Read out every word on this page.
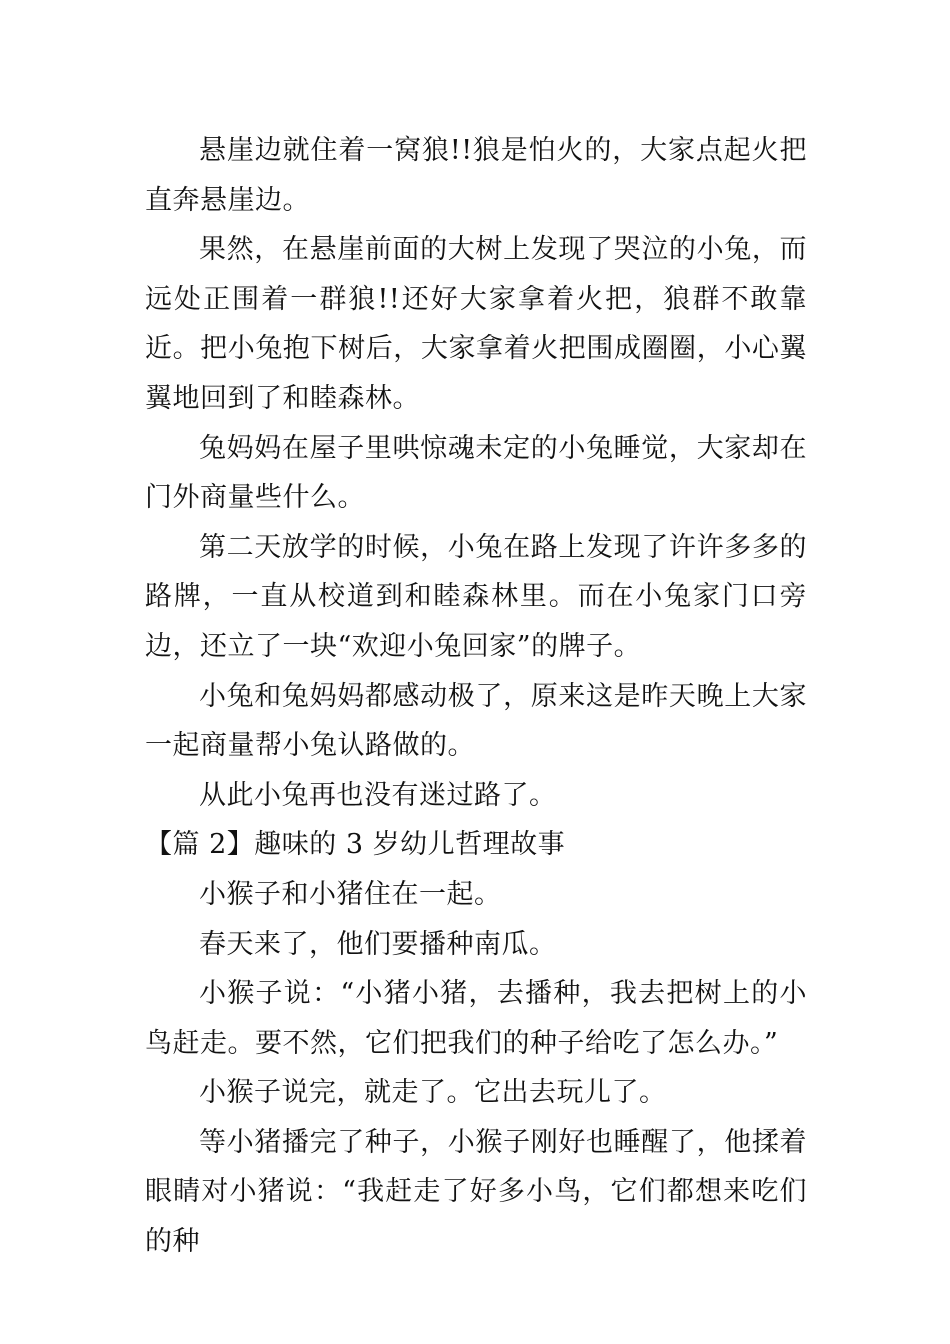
悬崖边就住着一窝狼!!狼是怕火的，大家点起火把直奔悬崖边。

果然，在悬崖前面的大树上发现了哭泣的小兔，而远处正围着一群狼!!还好大家拿着火把，狼群不敢靠近。把小兔抱下树后，大家拿着火把围成圈圈，小心翼翼地回到了和睦森林。

兔妈妈在屋子里哄惊魂未定的小兔睡觉，大家却在门外商量些什么。

第二天放学的时候，小兔在路上发现了许许多多的路牌，一直从校道到和睦森林里。而在小兔家门口旁边，还立了一块“欢迎小兔回家”的牌子。

小兔和兔妈妈都感动极了，原来这是昨天晚上大家一起商量帮小兔认路做的。

从此小兔再也没有迷过路了。

【篇 2】趣味的 3 岁幼儿哲理故事

小猴子和小猪住在一起。

春天来了，他们要播种南瓜。

小猴子说：“小猪小猪，去播种，我去把树上的小鸟赶走。要不然，它们把我们的种子给吃了怎么办。”

小猴子说完，就走了。它出去玩儿了。

等小猪播完了种子，小猴子刚好也睡醒了，他揉着眼睛对小猪说：“我赶走了好多小鸟，它们都想来吃们的种
